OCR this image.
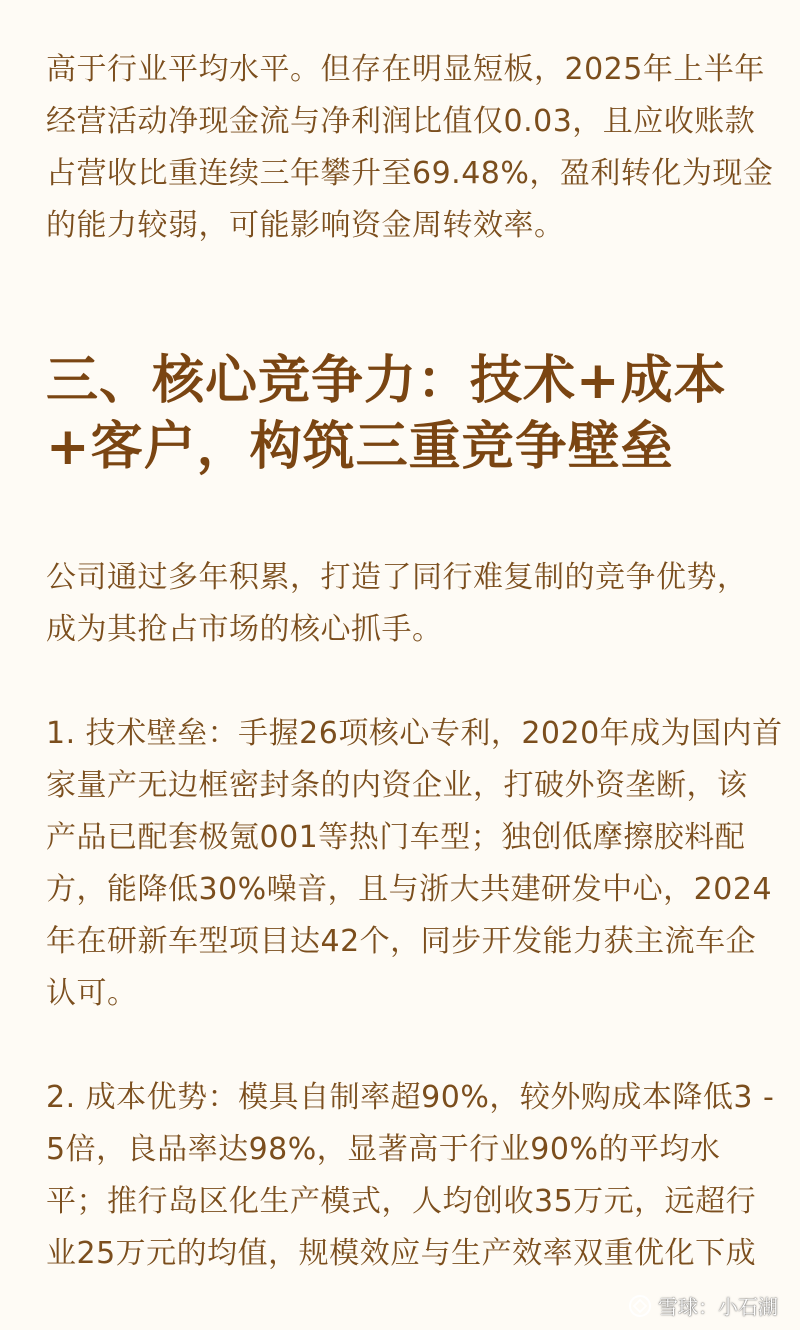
高于行业平均水平。但存在明显短板，2025年上半年
经营活动净现金流与净利润比值仅0.03，且应收账款
占营收比重连续三年攀升至69.48%，盈利转化为现金
的能力较弱，可能影响资金周转效率。

三、核心竞争力：技术+成本
+客户，构筑三重竞争壁垒

公司通过多年积累，打造了同行难复制的竞争优势，
成为其抢占市场的核心抓手。

1. 技术壁垒：手握26项核心专利，2020年成为国内首
家量产无边框密封条的内资企业，打破外资垄断，该
产品已配套极氪001等热门车型；独创低摩擦胶料配
方，能降低30%噪音，且与浙大共建研发中心，2024
年在研新车型项目达42个，同步开发能力获主流车企
认可。

2. 成本优势：模具自制率超90%，较外购成本降低3 -
5倍，良品率达98%，显著高于行业90%的平均水
平；推行岛区化生产模式，人均创收35万元，远超行
业25万元的均值，规模效应与生产效率双重优化下成

雪球：小石湖
